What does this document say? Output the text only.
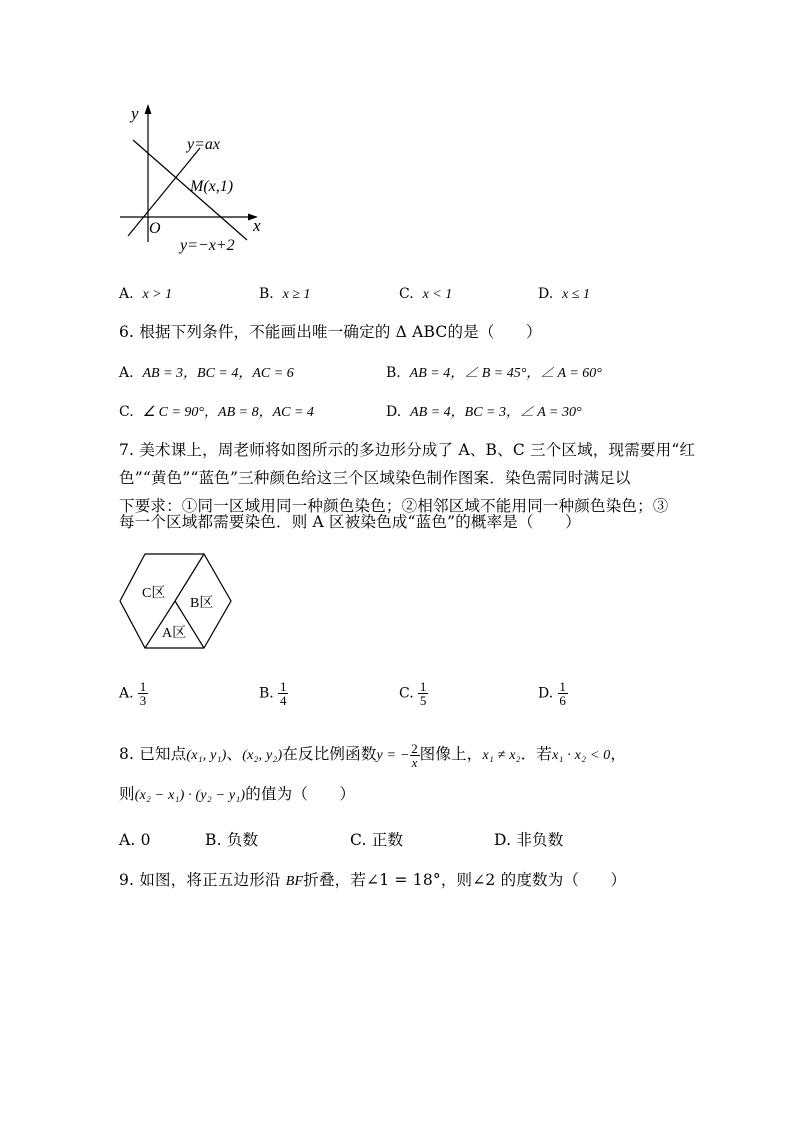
y
x
O
y=ax
M(x,1)
y=−x+2
A. x > 1	B. x ≥ 1	C. x < 1	D. x ≤ 1
6. 根据下列条件，不能画出唯一确定的 Δ ABC的是（　　）
A. AB = 3，BC = 4，AC = 6	B. AB = 4，∠ B = 45°，∠ A = 60°
C. ∠ C = 90°，AB = 8，AC = 4	D. AB = 4，BC = 3，∠ A = 30°
7. 美术课上，周老师将如图所示的多边形分成了 A、B、C 三个区域，现需要用“红
色”“黄色”“蓝色”三种颜色给这三个区域染色制作图案．染色需同时满足以
下要求：①同一区域用同一种颜色染色；②相邻区域不能用同一种颜色染色；③
每一个区域都需要染色．则 A 区被染色成“蓝色”的概率是（　　）
C区
B区
A区
A. $\frac{1}{3}$	B. $\frac{1}{4}$	C. $\frac{1}{5}$	D. $\frac{1}{6}$
8. 已知点(x₁, y₁)、(x₂, y₂)在反比例函数y = − $\frac{2}{x}$ 图像上，x₁ ≠ x₂．若x₁ · x₂ < 0，
则(x₂ − x₁) · (y₂ − y₁)的值为（　　）
A. 0	B. 负数	C. 正数	D. 非负数
9. 如图，将正五边形沿 BF折叠，若∠1 = 18°，则∠2 的度数为（　　）
